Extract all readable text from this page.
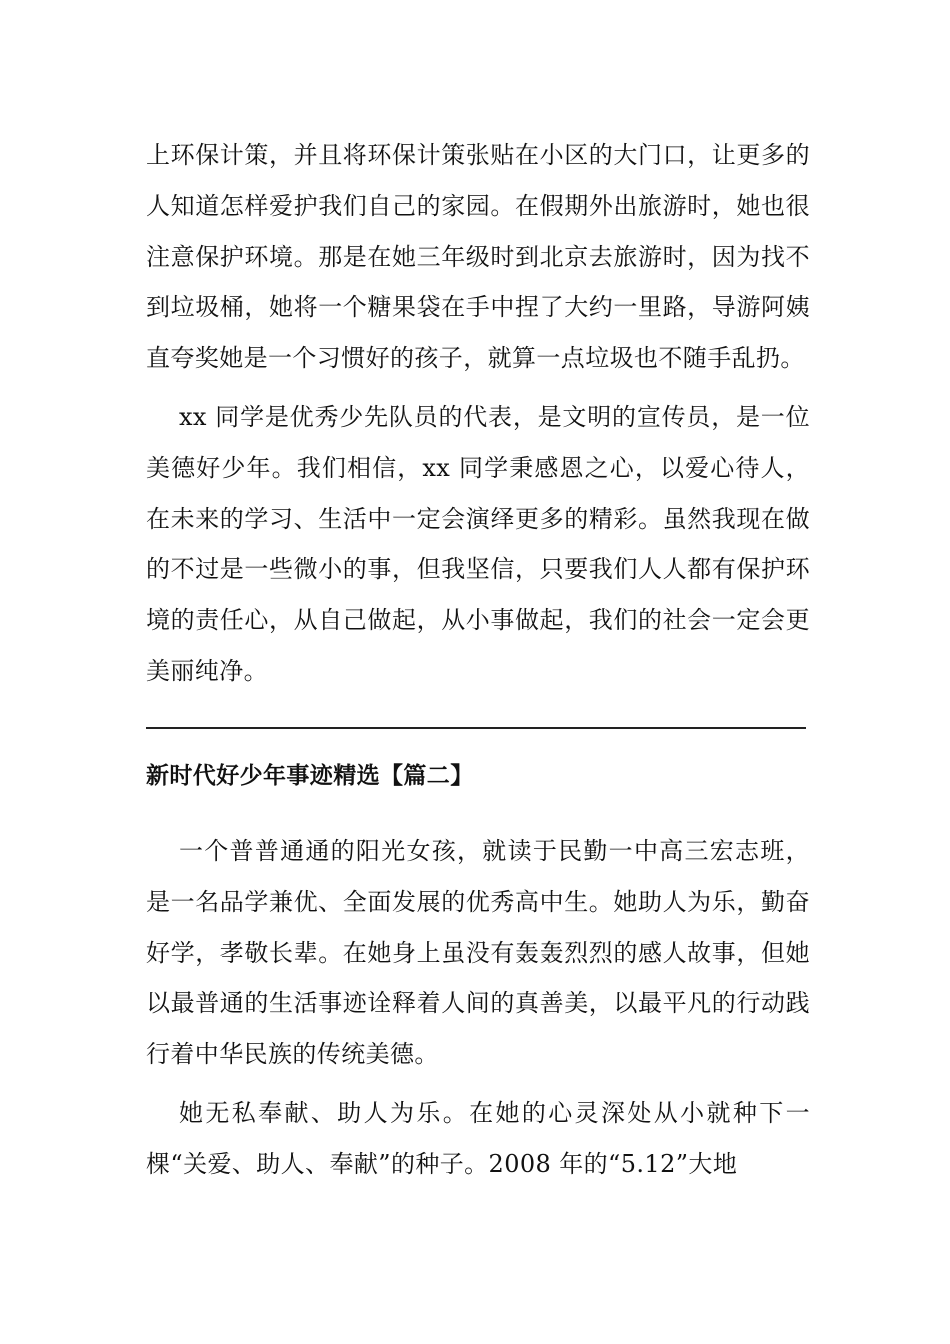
上环保计策，并且将环保计策张贴在小区的大门口，让更多的人知道怎样爱护我们自己的家园。在假期外出旅游时，她也很注意保护环境。那是在她三年级时到北京去旅游时，因为找不到垃圾桶，她将一个糖果袋在手中捏了大约一里路，导游阿姨直夸奖她是一个习惯好的孩子，就算一点垃圾也不随手乱扔。

xx 同学是优秀少先队员的代表，是文明的宣传员，是一位美德好少年。我们相信，xx 同学秉感恩之心，以爱心待人，在未来的学习、生活中一定会演绎更多的精彩。虽然我现在做的不过是一些微小的事，但我坚信，只要我们人人都有保护环境的责任心，从自己做起，从小事做起，我们的社会一定会更美丽纯净。

新时代好少年事迹精选【篇二】

一个普普通通的阳光女孩，就读于民勤一中高三宏志班，是一名品学兼优、全面发展的优秀高中生。她助人为乐，勤奋好学，孝敬长辈。在她身上虽没有轰轰烈烈的感人故事，但她以最普通的生活事迹诠释着人间的真善美，以最平凡的行动践行着中华民族的传统美德。

她无私奉献、助人为乐。在她的心灵深处从小就种下一棵“关爱、助人、奉献”的种子。2008 年的“5.12”大地
